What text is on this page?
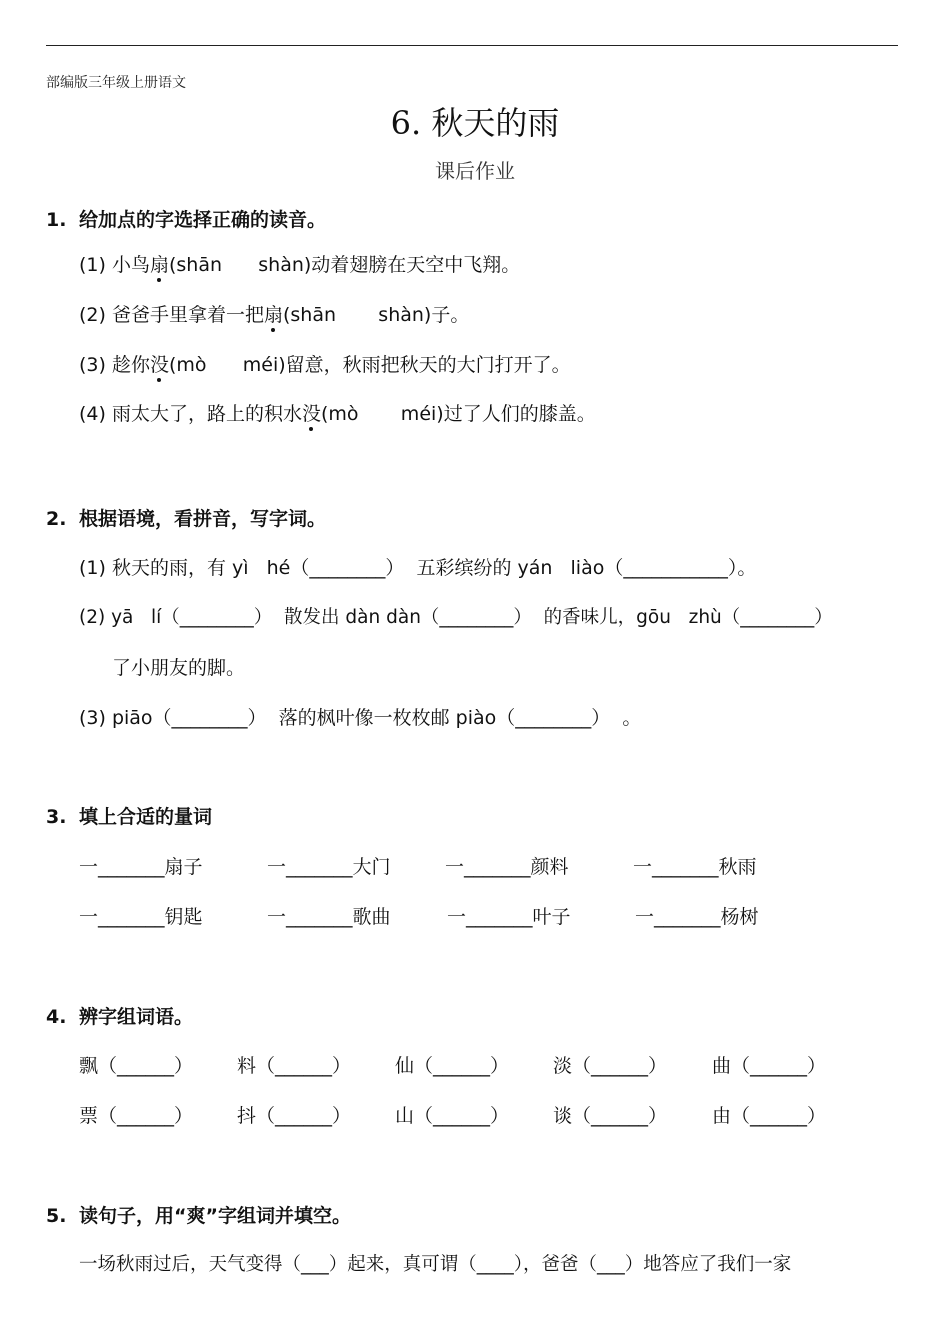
部编版三年级上册语文
6. 秋天的雨
课后作业
1. 给加点的字选择正确的读音。
(1) 小鸟扇(shān      shàn)动着翅膀在天空中飞翔。
(2) 爸爸手里拿着一把扇(shān       shàn)子。
(3) 趁你没(mò      méi)留意，秋雨把秋天的大门打开了。
(4) 雨太大了，路上的积水没(mò       méi)过了人们的膝盖。
2. 根据语境，看拼音，写字词。
(1) 秋天的雨，有 yì   hé（________）  五彩缤纷的 yán   liào（___________）。
(2) yā   lí（________）  散发出 dàn dàn（________）  的香味儿，gōu   zhù（________）
了小朋友的脚。
(3) piāo（________）  落的枫叶像一枚枚邮 piào（________）  。
3. 填上合适的量词
一_______扇子	一_______大门	一_______颜料	一_______秋雨
一_______钥匙	一_______歌曲	一_______叶子	一_______杨树
4. 辨字组词语。
飘（______） 料（______） 仙（______） 淡（______） 曲（______）
票（______） 抖（______） 山（______） 谈（______） 由（______）
5. 读句子，用“爽”字组词并填空。
一场秋雨过后，天气变得（___）起来，真可谓（____），爸爸（___）地答应了我们一家
